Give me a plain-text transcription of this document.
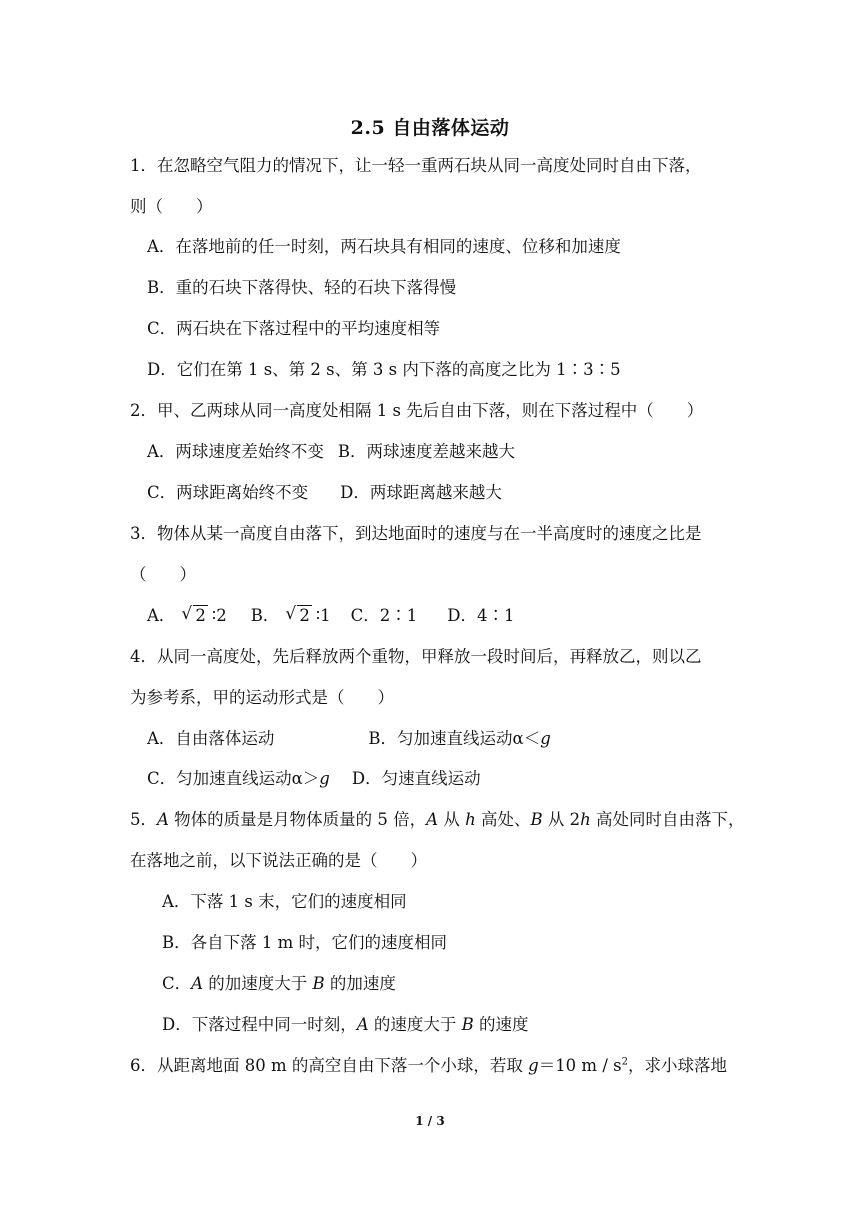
2.5 自由落体运动
1．在忽略空气阻力的情况下，让一轻一重两石块从同一高度处同时自由下落，
则（　　）
A．在落地前的任一时刻，两石块具有相同的速度、位移和加速度
B．重的石块下落得快、轻的石块下落得慢
C．两石块在下落过程中的平均速度相等
D．它们在第 1 s、第 2 s、第 3 s 内下落的高度之比为 1∶3∶5
2．甲、乙两球从同一高度处相隔 1 s 先后自由下落，则在下落过程中（　　）
A．两球速度差始终不变 B．两球速度差越来越大
C．两球距离始终不变 D．两球距离越来越大
3．物体从某一高度自由落下，到达地面时的速度与在一半高度时的速度之比是
（　　）
A． √ 2 ∶2 B． √ 2 ∶1 C．2∶1 D．4∶1
4．从同一高度处，先后释放两个重物，甲释放一段时间后，再释放乙，则以乙
为参考系，甲的运动形式是（　　）
A．自由落体运动	B．匀加速直线运动α＜g
C．匀加速直线运动α＞g D．匀速直线运动
5．A 物体的质量是月物体质量的 5 倍，A 从 h 高处、B 从 2h 高处同时自由落下，
在落地之前，以下说法正确的是（　　）
A．下落 1 s 末，它们的速度相同
B．各自下落 1 m 时，它们的速度相同
C．A 的加速度大于 B 的加速度
D．下落过程中同一时刻，A 的速度大于 B 的速度
6．从距离地面 80 m 的高空自由下落一个小球，若取 g＝10 m / $s^2$，求小球落地
1 / 3
